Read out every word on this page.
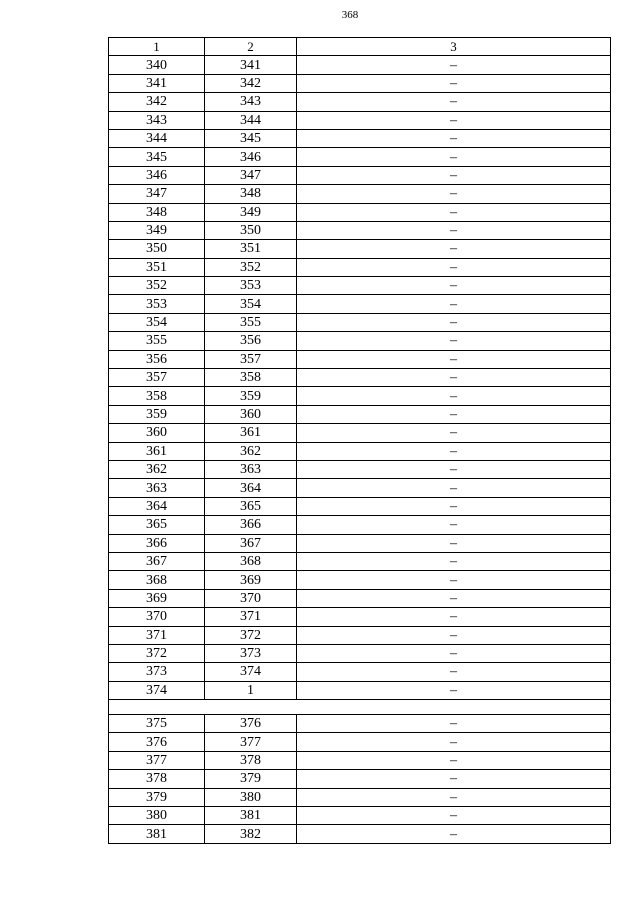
368
1	2	3
340	341	–
341	342	–
342	343	–
343	344	–
344	345	–
345	346	–
346	347	–
347	348	–
348	349	–
349	350	–
350	351	–
351	352	–
352	353	–
353	354	–
354	355	–
355	356	–
356	357	–
357	358	–
358	359	–
359	360	–
360	361	–
361	362	–
362	363	–
363	364	–
364	365	–
365	366	–
366	367	–
367	368	–
368	369	–
369	370	–
370	371	–
371	372	–
372	373	–
373	374	–
374	1	–

375	376	–
376	377	–
377	378	–
378	379	–
379	380	–
380	381	–
381	382	–
